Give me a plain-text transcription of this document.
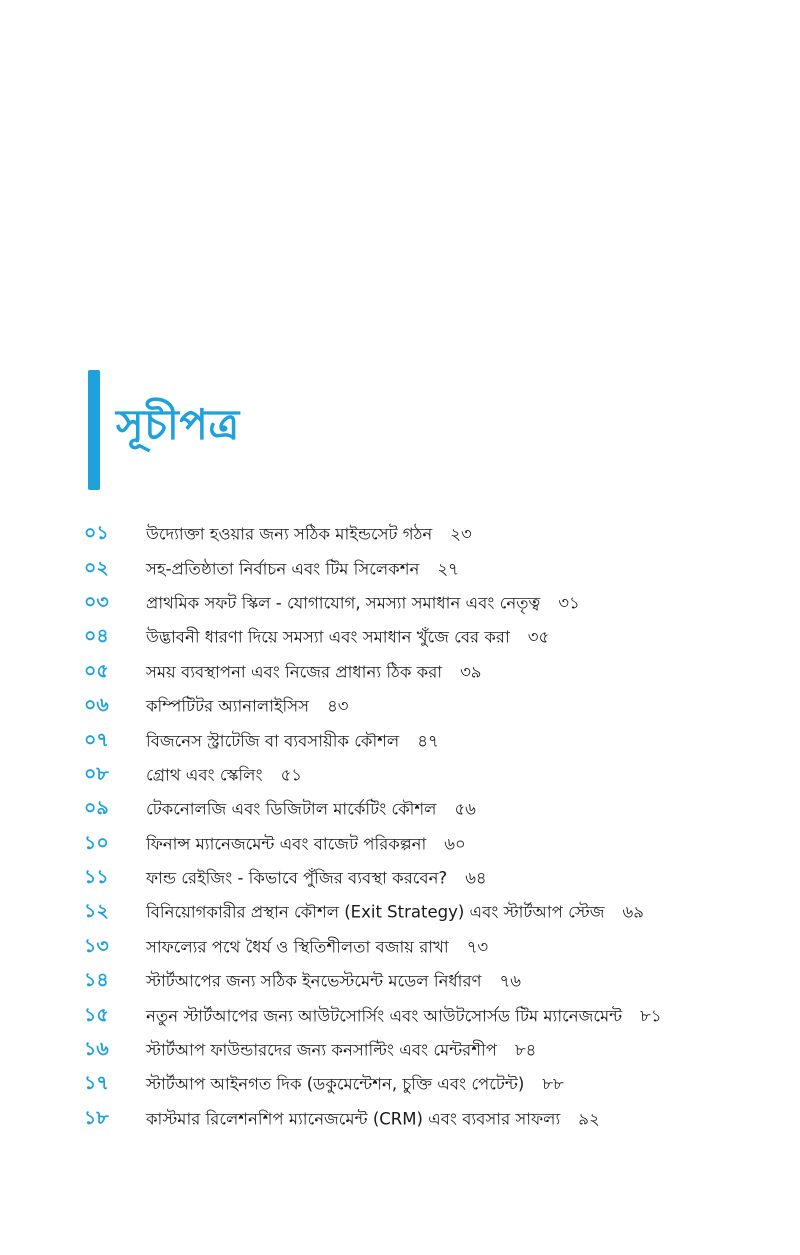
সূচীপত্র
০১ উদ্যোক্তা হওয়ার জন্য সঠিক মাইন্ডসেট গঠন ২৩
০২ সহ-প্রতিষ্ঠাতা নির্বাচন এবং টিম সিলেকশন ২৭
০৩ প্রাথমিক সফট স্কিল - যোগাযোগ, সমস্যা সমাধান এবং নেতৃত্ব ৩১
০৪ উদ্ভাবনী ধারণা দিয়ে সমস্যা এবং সমাধান খুঁজে বের করা ৩৫
০৫ সময় ব্যবস্থাপনা এবং নিজের প্রাধান্য ঠিক করা ৩৯
০৬ কম্পিটিটর অ্যানালাইসিস ৪৩
০৭ বিজনেস স্ট্রাটেজি বা ব্যবসায়ীক কৌশল ৪৭
০৮ গ্রোথ এবং স্কেলিং ৫১
০৯ টেকনোলজি এবং ডিজিটাল মার্কেটিং কৌশল ৫৬
১০ ফিনান্স ম্যানেজমেন্ট এবং বাজেট পরিকল্পনা ৬০
১১ ফান্ড রেইজিং - কিভাবে পুঁজির ব্যবস্থা করবেন? ৬৪
১২ বিনিয়োগকারীর প্রস্থান কৌশল (Exit Strategy) এবং স্টার্টআপ স্টেজ ৬৯
১৩ সাফল্যের পথে ধৈর্য ও স্থিতিশীলতা বজায় রাখা ৭৩
১৪ স্টার্টআপের জন্য সঠিক ইনভেস্টমেন্ট মডেল নির্ধারণ ৭৬
১৫ নতুন স্টার্টআপের জন্য আউটসোর্সিং এবং আউটসোর্সড টিম ম্যানেজমেন্ট ৮১
১৬ স্টার্টআপ ফাউন্ডারদের জন্য কনসাল্টিং এবং মেন্টরশীপ ৮৪
১৭ স্টার্টআপ আইনগত দিক (ডকুমেন্টেশন, চুক্তি এবং পেটেন্ট) ৮৮
১৮ কাস্টমার রিলেশনশিপ ম্যানেজমেন্ট (CRM) এবং ব্যবসার সাফল্য ৯২
